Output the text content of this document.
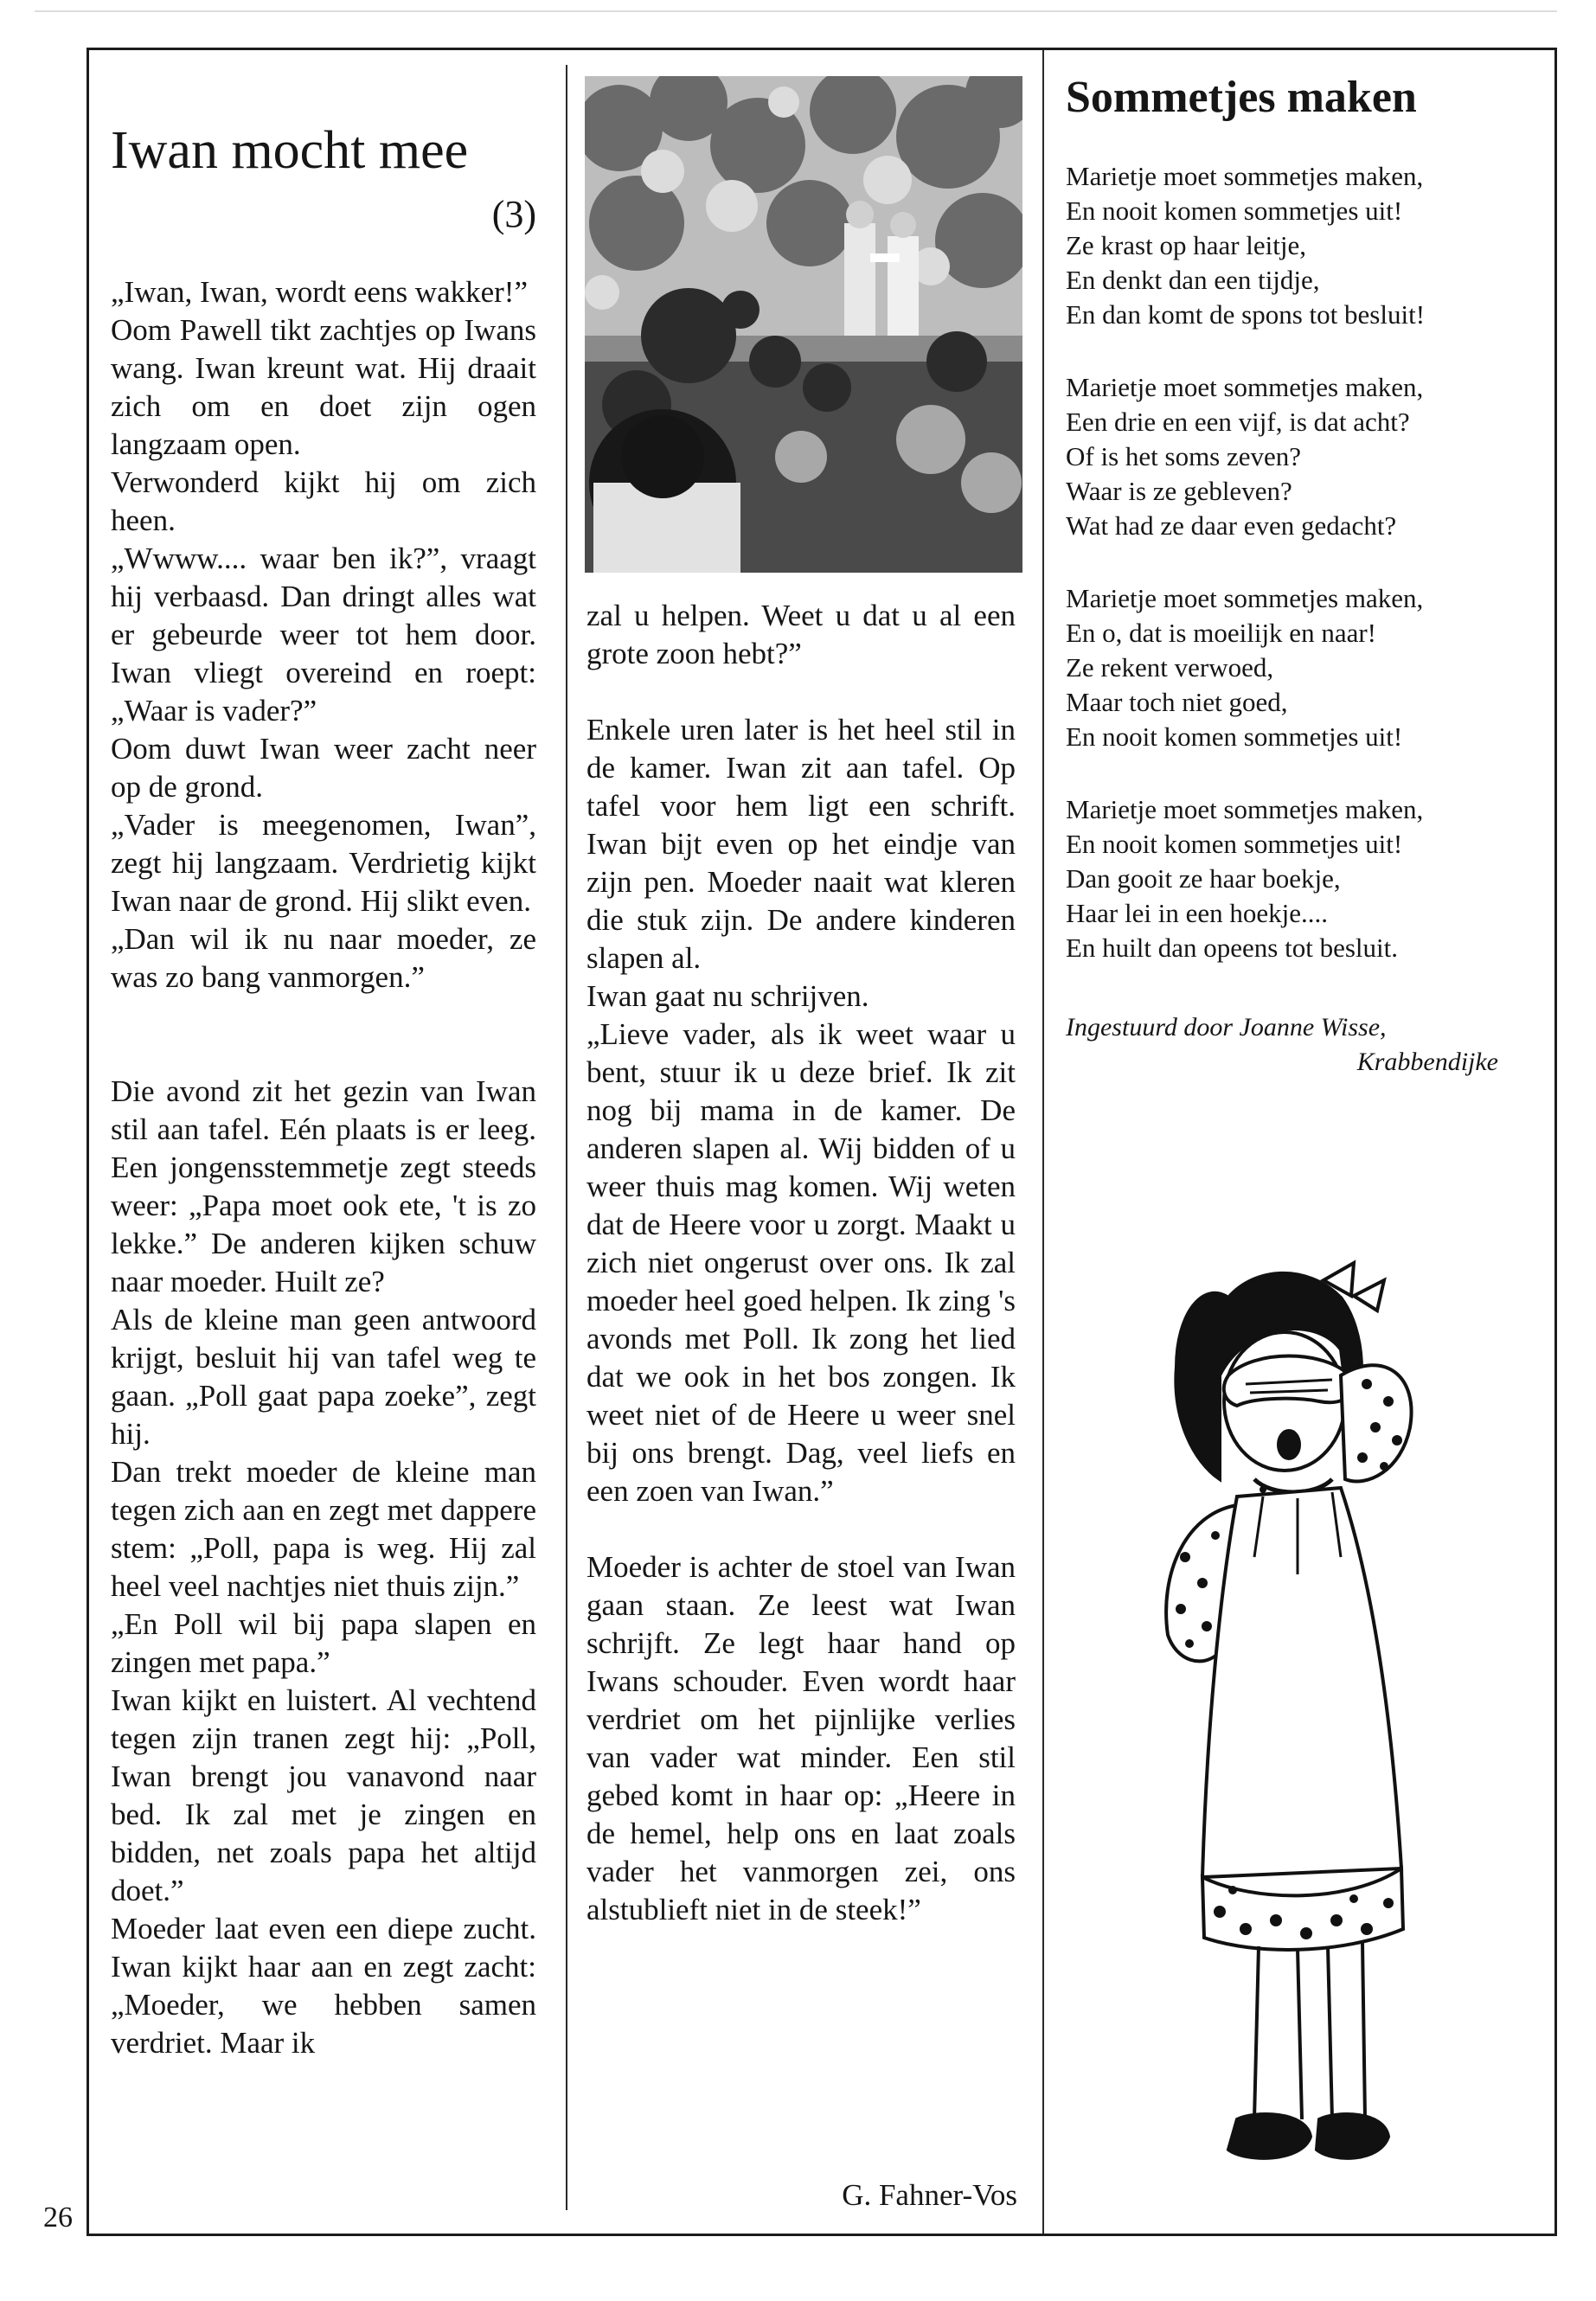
Iwan mocht mee
(3)

„Iwan, Iwan, wordt eens wakker!”

Oom Pawell tikt zachtjes op Iwans wang. Iwan kreunt wat. Hij draait zich om en doet zijn ogen langzaam open.

Verwonderd kijkt hij om zich heen.

„Wwww.... waar ben ik?”, vraagt hij verbaasd. Dan dringt alles wat er gebeurde weer tot hem door. Iwan vliegt overeind en roept: „Waar is vader?”

Oom duwt Iwan weer zacht neer op de grond.

„Vader is meegenomen, Iwan”, zegt hij langzaam. Verdrietig kijkt Iwan naar de grond. Hij slikt even.

„Dan wil ik nu naar moeder, ze was zo bang vanmorgen.”

Die avond zit het gezin van Iwan stil aan tafel. Eén plaats is er leeg. Een jongensstemmetje zegt steeds weer: „Papa moet ook ete, 't is zo lekke.” De anderen kijken schuw naar moeder. Huilt ze?

Als de kleine man geen antwoord krijgt, besluit hij van tafel weg te gaan. „Poll gaat papa zoeke”, zegt hij.

Dan trekt moeder de kleine man tegen zich aan en zegt met dappere stem: „Poll, papa is weg. Hij zal heel veel nachtjes niet thuis zijn.”

„En Poll wil bij papa slapen en zingen met papa.”

Iwan kijkt en luistert. Al vechtend tegen zijn tranen zegt hij: „Poll, Iwan brengt jou vanavond naar bed. Ik zal met je zingen en bidden, net zoals papa het altijd doet.”

Moeder laat even een diepe zucht. Iwan kijkt haar aan en zegt zacht: „Moeder, we hebben samen verdriet. Maar ik

zal u helpen. Weet u dat u al een grote zoon hebt?”

Enkele uren later is het heel stil in de kamer. Iwan zit aan tafel. Op tafel voor hem ligt een schrift. Iwan bijt even op het eindje van zijn pen. Moeder naait wat kleren die stuk zijn. De andere kinderen slapen al.

Iwan gaat nu schrijven.

„Lieve vader, als ik weet waar u bent, stuur ik u deze brief. Ik zit nog bij mama in de kamer. De anderen slapen al. Wij bidden of u weer thuis mag komen. Wij weten dat de Heere voor u zorgt. Maakt u zich niet ongerust over ons. Ik zal moeder heel goed helpen. Ik zing 's avonds met Poll. Ik zong het lied dat we ook in het bos zongen. Ik weet niet of de Heere u weer snel bij ons brengt. Dag, veel liefs en een zoen van Iwan.”

Moeder is achter de stoel van Iwan gaan staan. Ze leest wat Iwan schrijft. Ze legt haar hand op Iwans schouder. Even wordt haar verdriet om het pijnlijke verlies van vader wat minder. Een stil gebed komt in haar op: „Heere in de hemel, help ons en laat zoals vader het vanmorgen zei, ons alstublieft niet in de steek!”

G. Fahner-Vos
Sommetjes maken
Marietje moet sommetjes maken,
En nooit komen sommetjes uit!
Ze krast op haar leitje,
En denkt dan een tijdje,
En dan komt de spons tot besluit!
Marietje moet sommetjes maken,
Een drie en een vijf, is dat acht?
Of is het soms zeven?
Waar is ze gebleven?
Wat had ze daar even gedacht?
Marietje moet sommetjes maken,
En o, dat is moeilijk en naar!
Ze rekent verwoed,
Maar toch niet goed,
En nooit komen sommetjes uit!
Marietje moet sommetjes maken,
En nooit komen sommetjes uit!
Dan gooit ze haar boekje,
Haar lei in een hoekje....
En huilt dan opeens tot besluit.
Ingestuurd door Joanne Wisse,
Krabbendijke
26
